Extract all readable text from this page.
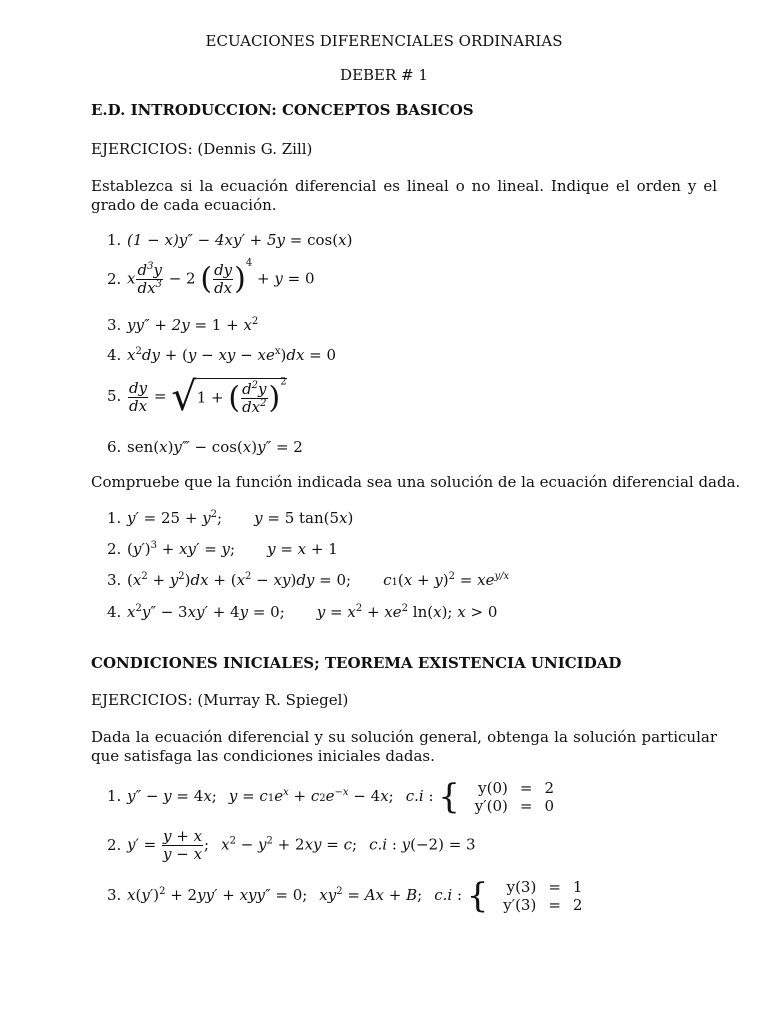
ECUACIONES DIFERENCIALES ORDINARIAS
DEBER # 1
E.D. INTRODUCCION: CONCEPTOS BASICOS
EJERCICIOS: (Dennis G. Zill)
Establezca si la ecuación diferencial es lineal o no lineal. Indique el orden y el grado de cada ecuación.
1. (1 − x)y″ − 4xy′ + 5y = cos(x)
2. x $\frac{d^3y}{dx^3} - 2$ ( $\frac{dy}{dx} )^4 + y = 0$
3. $yy'' + 2y = 1 + x^2$
4. $x^2dy + (y$ − xy − $xe^x)dx = 0$
5. $\frac{dy}{dx} = √1$ + ( $\frac{d^2y}{dx^2} )^2$
6. sen(x)y‴ − cos(x)y″ = 2
Compruebe que la función indicada sea una solución de la ecuación diferencial dada.
1. $y' = 25 + y^2$; y = 5 tan(5x)
2. $(y')^3 + xy' = y$; y = x + 1
3. $(x^2 + y^2)dx + (x^2 - xy)dy = 0$; $c1(x + y)^2 = xe^{y/x}$
4. $x^2y'' - 3xy' + 4y = 0$; $y = x^2 + xe^2$ ln(x); x > 0
CONDICIONES INICIALES; TEOREMA EXISTENCIA UNICIDAD
EJERCICIOS: (Murray R. Spiegel)
Dada la ecuación diferencial y su solución general, obtenga la solución particular que satisfaga las condiciones iniciales dadas.
1. y″ − y = 4x; $y = c1e^x + c2e^{-x} - 4x$; c.i : { y(0)	=	2
y′(0)	=	0
2. $y' = \frac{y + x}{y - x}$ ; $x^2 - y^2 + 2xy = c$; c.i : y(−2) = 3
3. $x(y')^2 + 2yy' + xyy'' = 0$; $xy^2 = Ax + B$; c.i : { y(3)	=	1
y′(3)	=	2
